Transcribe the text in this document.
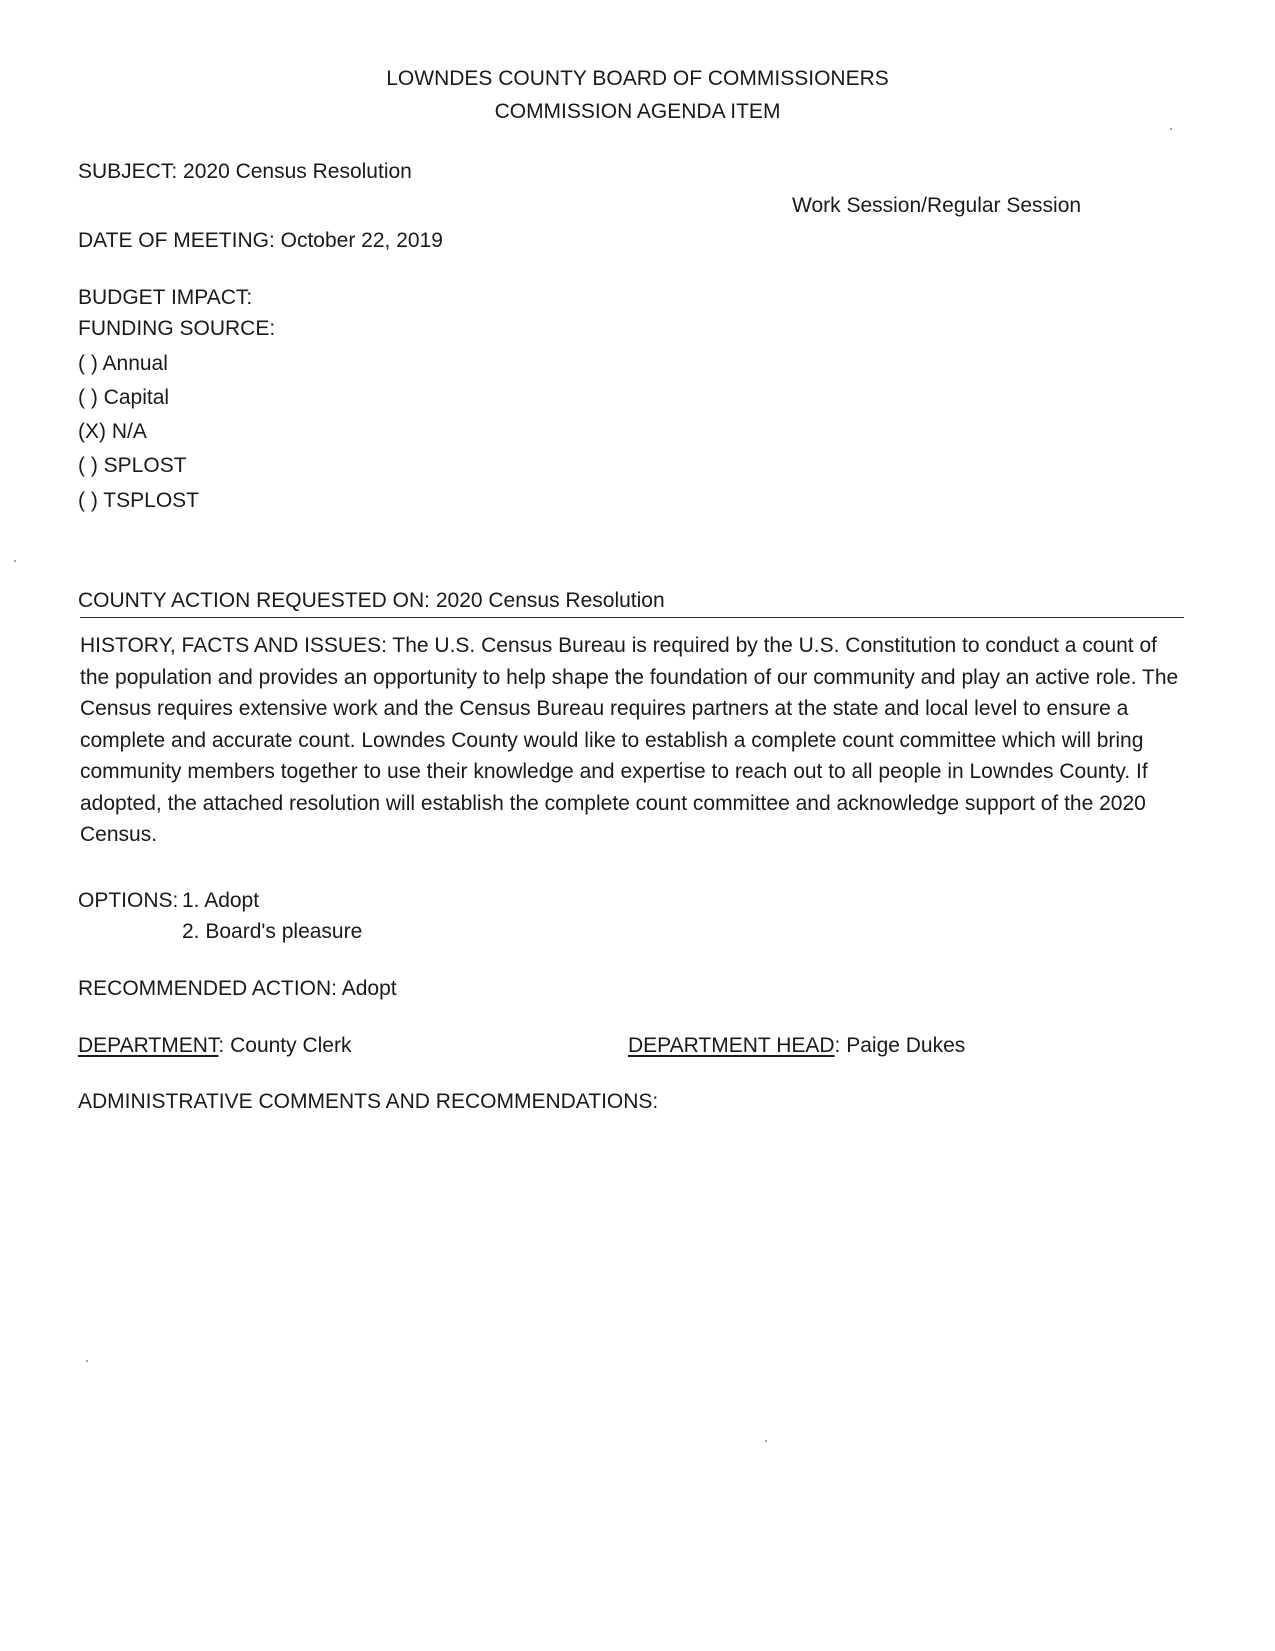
LOWNDES COUNTY BOARD OF COMMISSIONERS
COMMISSION AGENDA ITEM
SUBJECT: 2020 Census Resolution
Work Session/Regular Session
DATE OF MEETING: October 22, 2019
BUDGET IMPACT:
FUNDING SOURCE:
( ) Annual
( ) Capital
(X) N/A
( ) SPLOST
( ) TSPLOST
COUNTY ACTION REQUESTED ON: 2020 Census Resolution
HISTORY, FACTS AND ISSUES: The U.S. Census Bureau is required by the U.S. Constitution to conduct a count of the population and provides an opportunity to help shape the foundation of our community and play an active role. The Census requires extensive work and the Census Bureau requires partners at the state and local level to ensure a complete and accurate count. Lowndes County would like to establish a complete count committee which will bring community members together to use their knowledge and expertise to reach out to all people in Lowndes County. If adopted, the attached resolution will establish the complete count committee and acknowledge support of the 2020 Census.
OPTIONS: 1. Adopt
2. Board's pleasure
RECOMMENDED ACTION: Adopt
DEPARTMENT: County Clerk	DEPARTMENT HEAD: Paige Dukes
ADMINISTRATIVE COMMENTS AND RECOMMENDATIONS:
